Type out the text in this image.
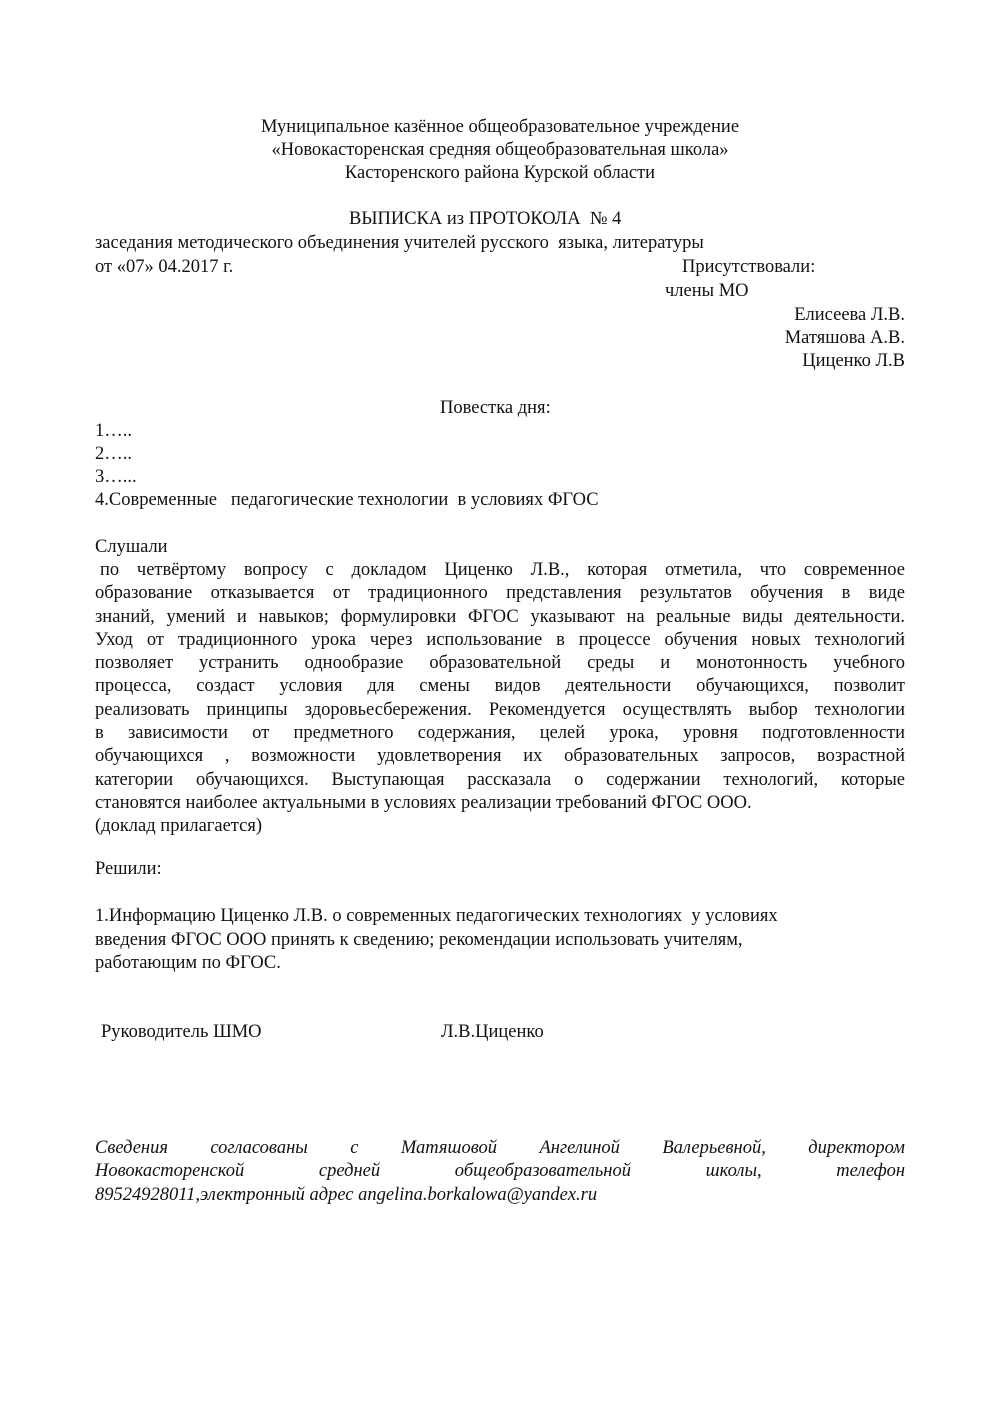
Муниципальное казённое общеобразовательное учреждение
«Новокасторенская средняя общеобразовательная школа»
Касторенского района Курской области
ВЫПИСКА из ПРОТОКОЛА  № 4
заседания методического объединения учителей русского  языка, литературы
от «07» 04.2017 г.	Присутствовали:
члены МО
Елисеева Л.В.
Матяшова А.В.
Циценко Л.В
Повестка дня:
1…..
2…..
3…...
4.Современные   педагогические технологии  в условиях ФГОС
Слушали
по четвёртому вопросу с докладом Циценко Л.В., которая отметила, что современное
образование отказывается от традиционного представления результатов обучения в виде
знаний, умений и навыков; формулировки ФГОС указывают на реальные виды деятельности.
Уход от традиционного урока через использование в процессе обучения новых технологий
позволяет устранить однообразие образовательной среды и монотонность учебного
процесса, создаст условия для смены видов деятельности обучающихся, позволит
реализовать принципы здоровьесбережения. Рекомендуется осуществлять выбор технологии
в зависимости от предметного содержания, целей урока, уровня подготовленности
обучающихся , возможности удовлетворения их образовательных запросов, возрастной
категории обучающихся. Выступающая рассказала о содержании технологий, которые
становятся наиболее актуальными в условиях реализации требований ФГОС ООО.
(доклад прилагается)
Решили:
1.Информацию Циценко Л.В. о современных педагогических технологиях  у условиях
введения ФГОС ООО принять к сведению; рекомендации использовать учителям,
работающим по ФГОС.
Руководитель ШМО	Л.В.Циценко
Сведения согласованы с Матяшовой Ангелиной Валерьевной, директором
Новокасторенской средней общеобразовательной школы, телефон
89524928011,электронный адрес angelina.borkalowa@yandex.ru
